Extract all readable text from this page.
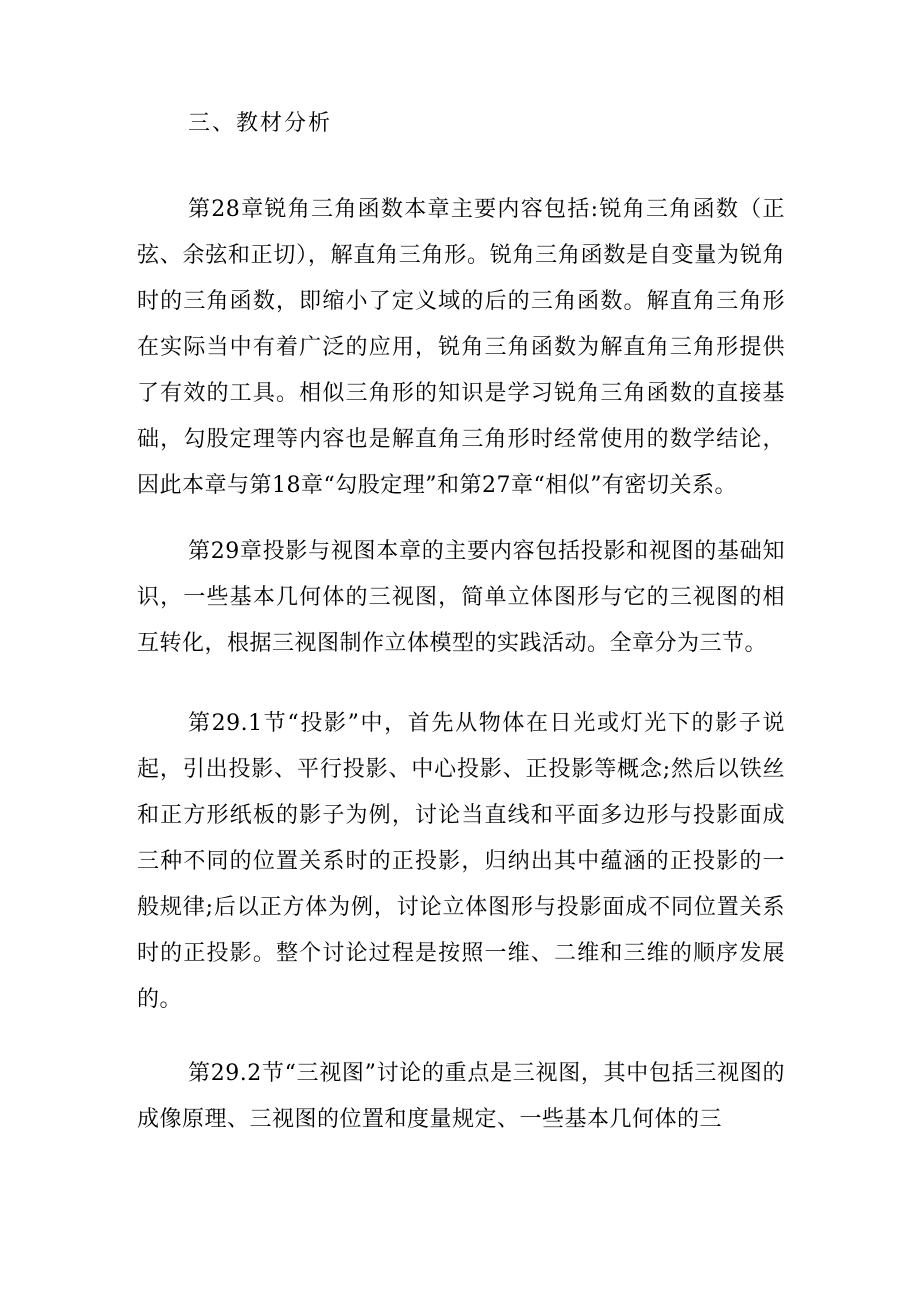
三、教材分析

第28章锐角三角函数本章主要内容包括:锐角三角函数（正弦、余弦和正切），解直角三角形。锐角三角函数是自变量为锐角时的三角函数，即缩小了定义域的后的三角函数。解直角三角形在实际当中有着广泛的应用，锐角三角函数为解直角三角形提供了有效的工具。相似三角形的知识是学习锐角三角函数的直接基础，勾股定理等内容也是解直角三角形时经常使用的数学结论，因此本章与第18章“勾股定理”和第27章“相似”有密切关系。

第29章投影与视图本章的主要内容包括投影和视图的基础知识，一些基本几何体的三视图，简单立体图形与它的三视图的相互转化，根据三视图制作立体模型的实践活动。全章分为三节。

第29.1节“投影”中，首先从物体在日光或灯光下的影子说起，引出投影、平行投影、中心投影、正投影等概念;然后以铁丝和正方形纸板的影子为例，讨论当直线和平面多边形与投影面成三种不同的位置关系时的正投影，归纳出其中蕴涵的正投影的一般规律;后以正方体为例，讨论立体图形与投影面成不同位置关系时的正投影。整个讨论过程是按照一维、二维和三维的顺序发展的。

第29.2节“三视图”讨论的重点是三视图，其中包括三视图的成像原理、三视图的位置和度量规定、一些基本几何体的三
